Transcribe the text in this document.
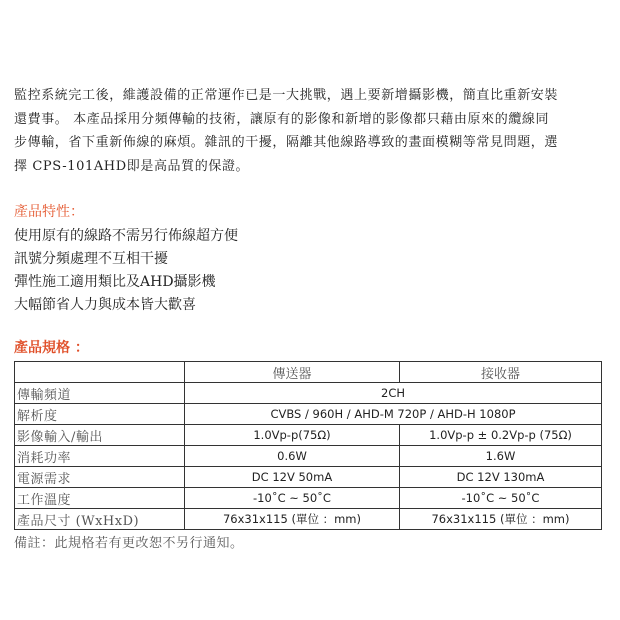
監控系統完工後，維護設備的正常運作已是一大挑戰，遇上要新增攝影機，簡直比重新安裝
還費事。 本產品採用分頻傳輸的技術，讓原有的影像和新增的影像都只藉由原來的纜線同
步傳輸，省下重新佈線的麻煩。雜訊的干擾，隔離其他線路導致的畫面模糊等常見問題，選
擇 CPS-101AHD即是高品質的保證。

產品特性：
使用原有的線路不需另行佈線超方便
訊號分頻處理不互相干擾
彈性施工適用類比及AHD攝影機
大幅節省人力與成本皆大歡喜
產品規格 ：
	傳送器	接收器
傳輸頻道	2CH	
解析度	CVBS / 960H / AHD-M 720P / AHD-H 1080P	
影像輸入/輸出	1.0Vp-p(75Ω)	1.0Vp-p ± 0.2Vp-p (75Ω)
消耗功率	0.6W	1.6W
電源需求	DC 12V 50mA	DC 12V 130mA
工作溫度	-10˚C ~ 50˚C	-10˚C ~ 50˚C
產品尺寸 (WxHxD)	76x31x115 (單位 ：mm)	76x31x115 (單位 ：mm)
備註：此規格若有更改恕不另行通知。
